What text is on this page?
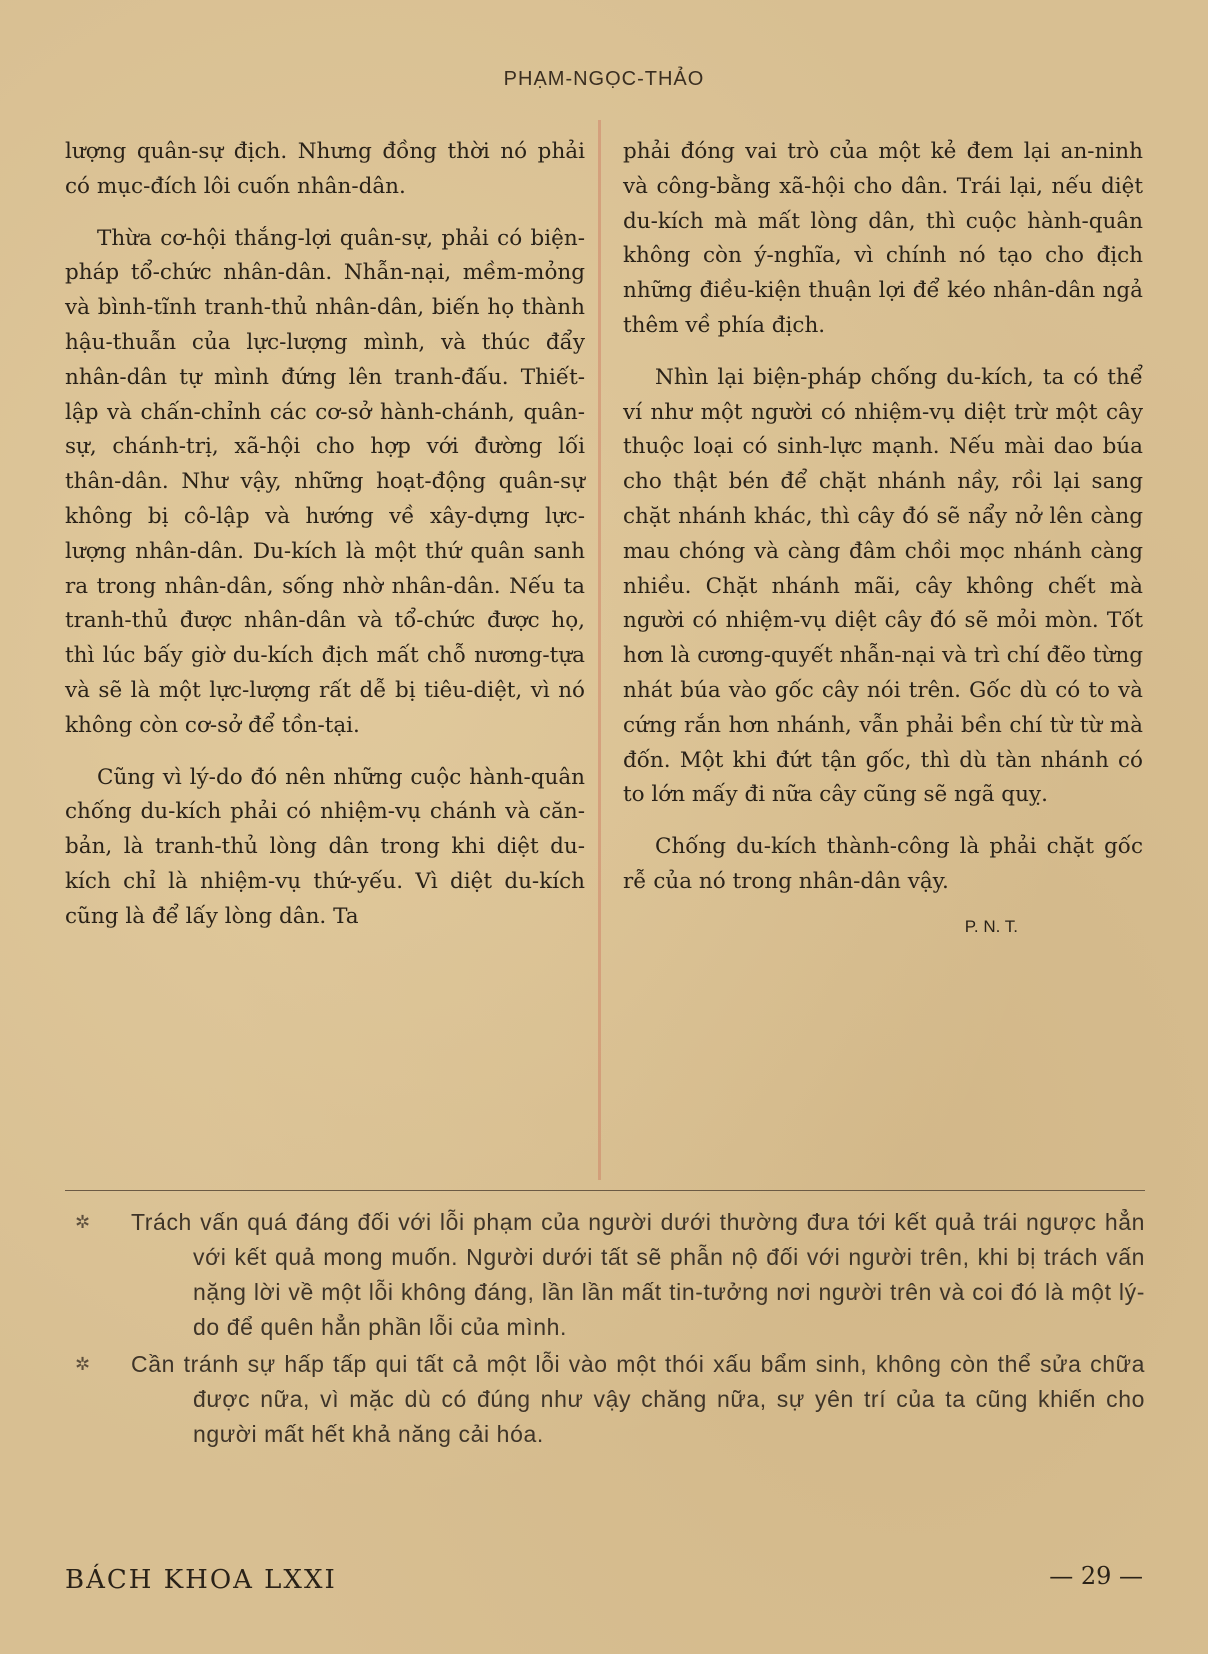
PHẠM-NGỌC-THẢO

lượng quân-sự địch. Nhưng đồng thời nó phải có mục-đích lôi cuốn nhân-dân.

Thừa cơ-hội thắng-lợi quân-sự, phải có biện-pháp tổ-chức nhân-dân. Nhẫn-nại, mềm-mỏng và bình-tĩnh tranh-thủ nhân-dân, biến họ thành hậu-thuẫn của lực-lượng mình, và thúc đẩy nhân-dân tự mình đứng lên tranh-đấu. Thiết-lập và chấn-chỉnh các cơ-sở hành-chánh, quân-sự, chánh-trị, xã-hội cho hợp với đường lối thân-dân. Như vậy, những hoạt-động quân-sự không bị cô-lập và hướng về xây-dựng lực-lượng nhân-dân. Du-kích là một thứ quân sanh ra trong nhân-dân, sống nhờ nhân-dân. Nếu ta tranh-thủ được nhân-dân và tổ-chức được họ, thì lúc bấy giờ du-kích địch mất chỗ nương-tựa và sẽ là một lực-lượng rất dễ bị tiêu-diệt, vì nó không còn cơ-sở để tồn-tại.

Cũng vì lý-do đó nên những cuộc hành-quân chống du-kích phải có nhiệm-vụ chánh và căn-bản, là tranh-thủ lòng dân trong khi diệt du-kích chỉ là nhiệm-vụ thứ-yếu. Vì diệt du-kích cũng là để lấy lòng dân. Ta

phải đóng vai trò của một kẻ đem lại an-ninh và công-bằng xã-hội cho dân. Trái lại, nếu diệt du-kích mà mất lòng dân, thì cuộc hành-quân không còn ý-nghĩa, vì chính nó tạo cho địch những điều-kiện thuận lợi để kéo nhân-dân ngả thêm về phía địch.

Nhìn lại biện-pháp chống du-kích, ta có thể ví như một người có nhiệm-vụ diệt trừ một cây thuộc loại có sinh-lực mạnh. Nếu mài dao búa cho thật bén để chặt nhánh nầy, rồi lại sang chặt nhánh khác, thì cây đó sẽ nẩy nở lên càng mau chóng và càng đâm chồi mọc nhánh càng nhiều. Chặt nhánh mãi, cây không chết mà người có nhiệm-vụ diệt cây đó sẽ mỏi mòn. Tốt hơn là cương-quyết nhẫn-nại và trì chí đẽo từng nhát búa vào gốc cây nói trên. Gốc dù có to và cứng rắn hơn nhánh, vẫn phải bền chí từ từ mà đốn. Một khi đứt tận gốc, thì dù tàn nhánh có to lớn mấy đi nữa cây cũng sẽ ngã quỵ.

Chống du-kích thành-công là phải chặt gốc rễ của nó trong nhân-dân vậy.

P. N. T.
✲ Trách vấn quá đáng đối với lỗi phạm của người dưới thường đưa tới kết quả trái ngược hẳn với kết quả mong muốn. Người dưới tất sẽ phẫn nộ đối với người trên, khi bị trách vấn nặng lời về một lỗi không đáng, lần lần mất tin-tưởng nơi người trên và coi đó là một lý-do để quên hẳn phần lỗi của mình.
✲ Cần tránh sự hấp tấp qui tất cả một lỗi vào một thói xấu bẩm sinh, không còn thể sửa chữa được nữa, vì mặc dù có đúng như vậy chăng nữa, sự yên trí của ta cũng khiến cho người mất hết khả năng cải hóa.
BÁCH KHOA LXXI	— 29 —
